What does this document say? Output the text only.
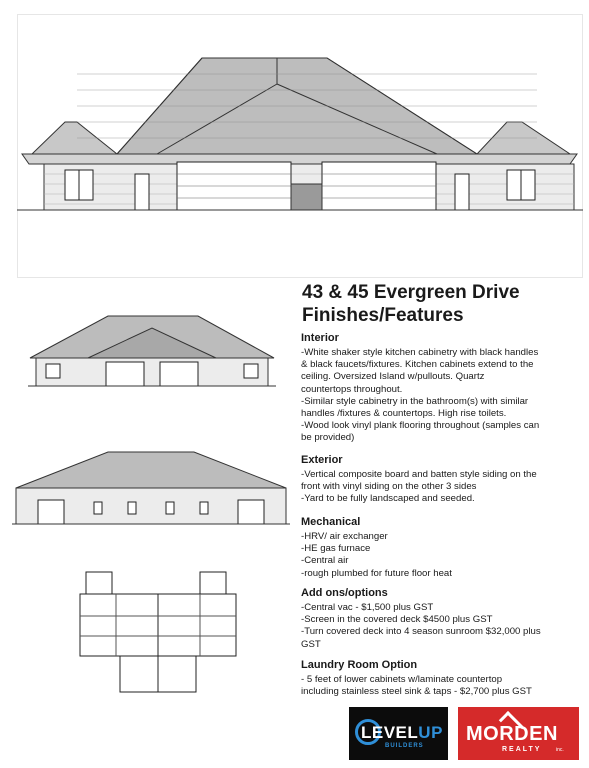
43 & 45 Evergreen Drive
Finishes/Features
Interior

-White shaker style kitchen cabinetry with black handles

& black faucets/fixtures. Kitchen cabinets extend to the

ceiling. Oversized Island w/pullouts. Quartz

countertops throughout.

-Similar style cabinetry in the bathroom(s) with similar

handles /fixtures & countertops. High rise toilets.

-Wood look vinyl plank flooring throughout (samples can

be provided)

Exterior

-Vertical composite board and batten style siding on the

front with vinyl siding on the other 3 sides

-Yard to be fully landscaped and seeded.

Mechanical

-HRV/ air exchanger

-HE gas furnace

-Central air

-rough plumbed for future floor heat

Add ons/options

-Central vac - $1,500 plus GST

-Screen in the covered deck $4500 plus GST

-Turn covered deck into 4 season sunroom $32,000 plus

GST

Laundry Room Option

- 5 feet of lower cabinets w/laminate countertop

including stainless steel sink & taps - $2,700 plus GST

LEVELUP
BUILDERS
MORDEN
REALTY	inc.
